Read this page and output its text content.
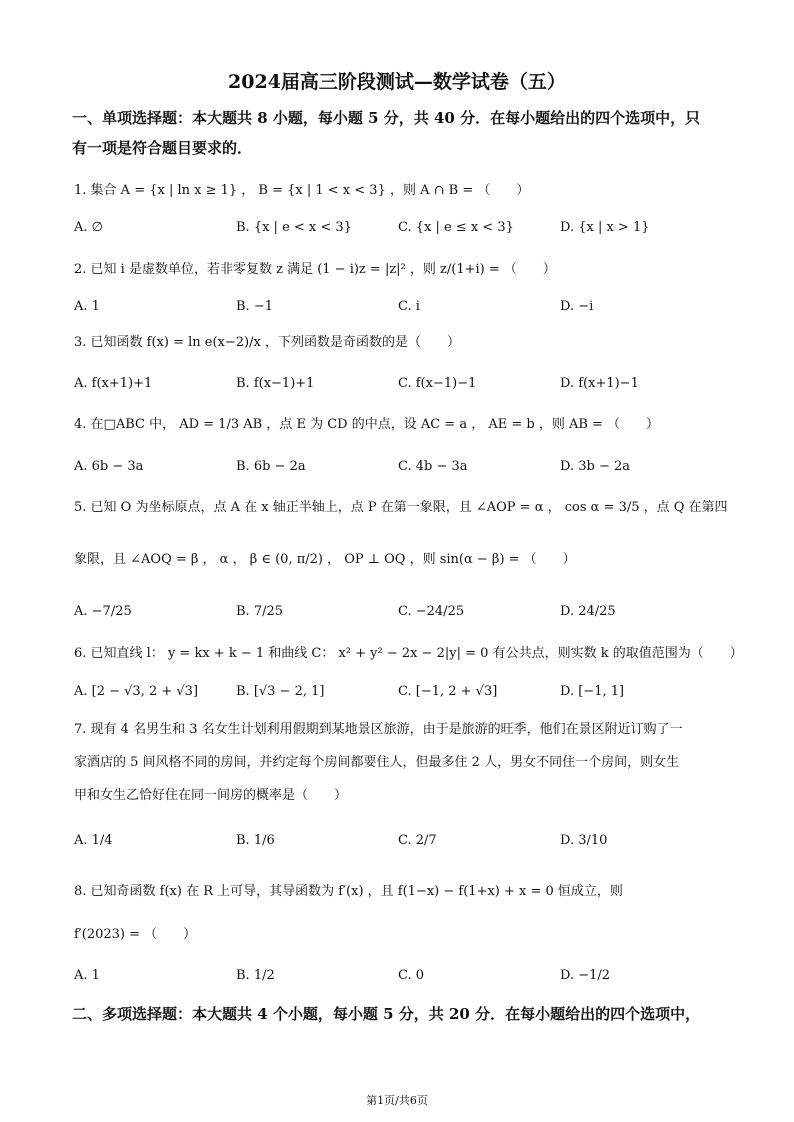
2024届高三阶段测试—数学试卷（五）
一、单项选择题：本大题共 8 小题，每小题 5 分，共 40 分．在每小题给出的四个选项中，只
有一项是符合题目要求的．
1. 集合 A = {x | ln x ≥ 1} ， B = {x | 1 < x < 3} ，则 A ∩ B = （　　）
A. ∅	B. {x | e < x < 3}	C. {x | e ≤ x < 3}	D. {x | x > 1}
2. 已知 i 是虚数单位，若非零复数 z 满足 (1 − i)z = |z|² ，则 z/(1+i) = （　　）
A. 1	B. −1	C. i	D. −i
3. 已知函数 f(x) = ln e(x−2)/x ，下列函数是奇函数的是（　　）
A. f(x+1)+1	B. f(x−1)+1	C. f(x−1)−1	D. f(x+1)−1
4. 在□ABC 中， AD = 1/3 AB ，点 E 为 CD 的中点，设 AC = a ， AE = b ，则 AB = （　　）
A. 6b − 3a	B. 6b − 2a	C. 4b − 3a	D. 3b − 2a
5. 已知 O 为坐标原点，点 A 在 x 轴正半轴上，点 P 在第一象限，且 ∠AOP = α ， cos α = 3/5 ，点 Q 在第四
象限，且 ∠AOQ = β ， α ， β ∈ (0, π/2) ， OP ⊥ OQ ，则 sin(α − β) = （　　）
A. −7/25	B. 7/25	C. −24/25	D. 24/25
6. 已知直线 l： y = kx + k − 1 和曲线 C： x² + y² − 2x − 2|y| = 0 有公共点，则实数 k 的取值范围为（　　）
A. [2 − √3, 2 + √3]	B. [√3 − 2, 1]	C. [−1, 2 + √3]	D. [−1, 1]
7. 现有 4 名男生和 3 名女生计划利用假期到某地景区旅游，由于是旅游的旺季，他们在景区附近订购了一
家酒店的 5 间风格不同的房间，并约定每个房间都要住人，但最多住 2 人，男女不同住一个房间，则女生
甲和女生乙恰好住在同一间房的概率是（　　）
A. 1/4	B. 1/6	C. 2/7	D. 3/10
8. 已知奇函数 f(x) 在 R 上可导，其导函数为 f′(x) ，且 f(1−x) − f(1+x) + x = 0 恒成立，则
f′(2023) = （　　）
A. 1	B. 1/2	C. 0	D. −1/2
二、多项选择题：本大题共 4 个小题，每小题 5 分，共 20 分．在每小题给出的四个选项中，
第1页/共6页
